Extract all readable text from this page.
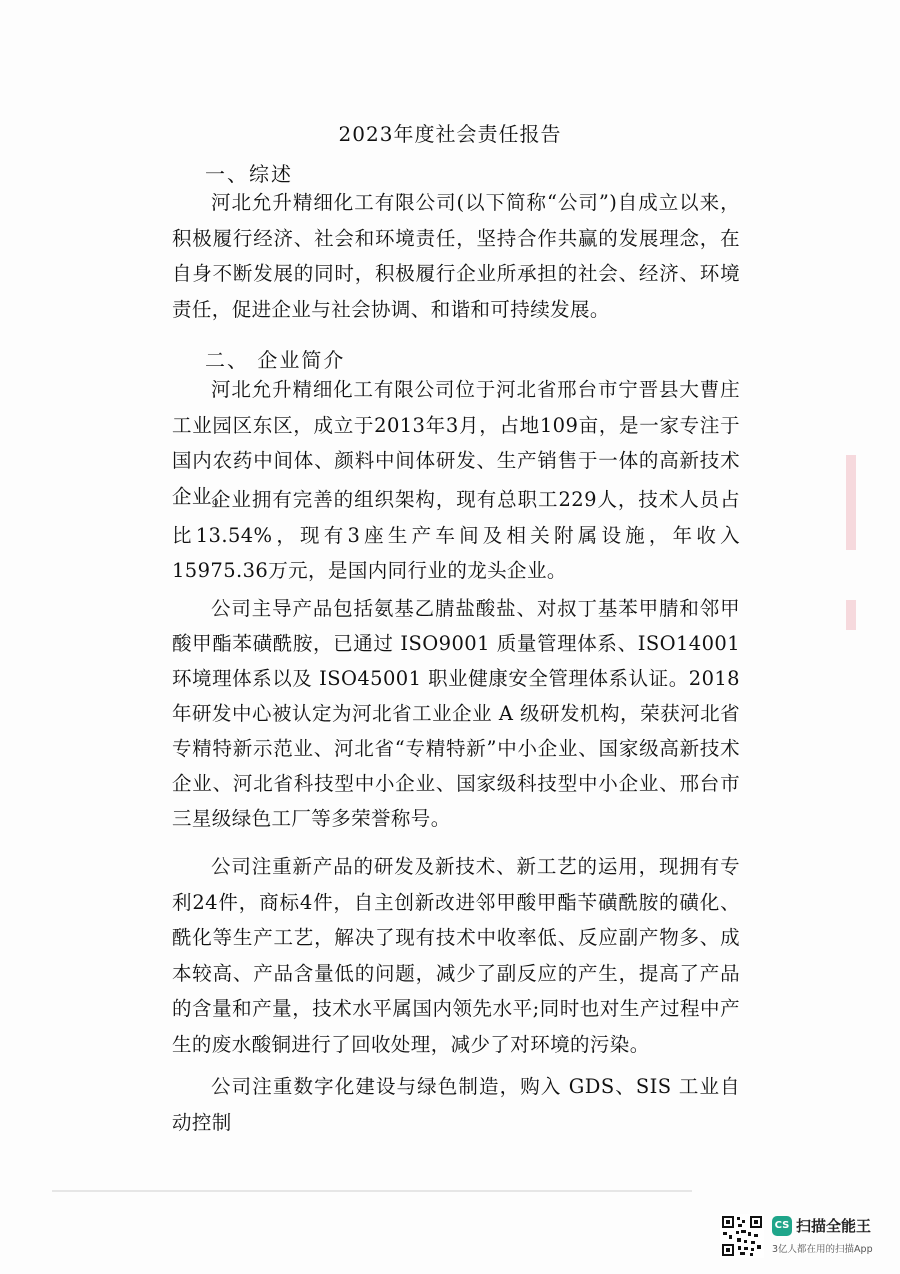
2023年度社会责任报告
一、综述

河北允升精细化工有限公司(以下简称“公司”)自成立以来，积极履行经济、社会和环境责任，坚持合作共赢的发展理念，在自身不断发展的同时，积极履行企业所承担的社会、经济、环境责任，促进企业与社会协调、和谐和可持续发展。

二、 企业简介

河北允升精细化工有限公司位于河北省邢台市宁晋县大曹庄工业园区东区，成立于2013年3月，占地109亩，是一家专注于国内农药中间体、颜料中间体研发、生产销售于一体的高新技术企业。

企业拥有完善的组织架构，现有总职工229人，技术人员占比13.54%，现有3座生产车间及相关附属设施，年收入15975.36万元，是国内同行业的龙头企业。

公司主导产品包括氨基乙腈盐酸盐、对叔丁基苯甲腈和邻甲酸甲酯苯磺酰胺，已通过 ISO9001 质量管理体系、ISO14001 环境理体系以及 ISO45001 职业健康安全管理体系认证。2018 年研发中心被认定为河北省工业企业 A 级研发机构，荣获河北省专精特新示范业、河北省“专精特新”中小企业、国家级高新技术企业、河北省科技型中小企业、国家级科技型中小企业、邢台市三星级绿色工厂等多荣誉称号。

公司注重新产品的研发及新技术、新工艺的运用，现拥有专利24件，商标4件，自主创新改进邻甲酸甲酯苄磺酰胺的磺化、酰化等生产工艺，解决了现有技术中收率低、反应副产物多、成本较高、产品含量低的问题，减少了副反应的产生，提高了产品的含量和产量，技术水平属国内领先水平;同时也对生产过程中产生的废水酸铜进行了回收处理，减少了对环境的污染。

公司注重数字化建设与绿色制造，购入 GDS、SIS 工业自动控制

CS 扫描全能王
3亿人都在用的扫描App
